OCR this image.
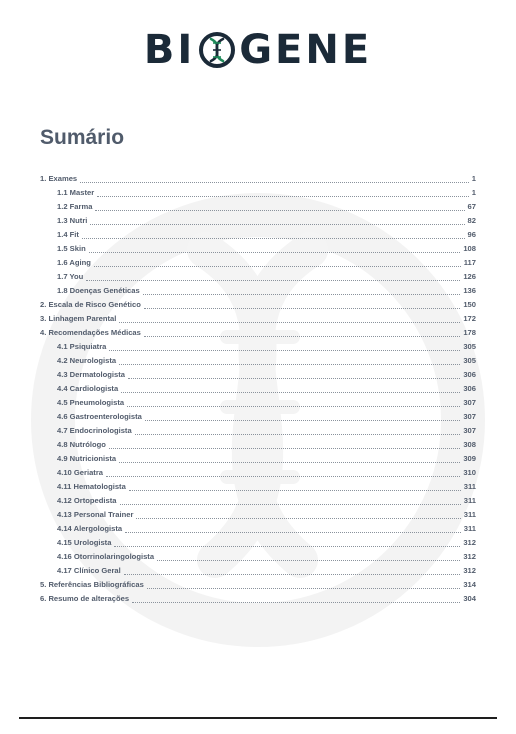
BI GENE
Sumário
1. Exames	1
1.1 Master	1
1.2 Farma	67
1.3 Nutri	82
1.4 Fit	96
1.5 Skin	108
1.6 Aging	117
1.7 You	126
1.8 Doenças Genéticas	136
2. Escala de Risco Genético	150
3. Linhagem Parental	172
4. Recomendações Médicas	178
4.1 Psiquiatra	305
4.2 Neurologista	305
4.3 Dermatologista	306
4.4 Cardiologista	306
4.5 Pneumologista	307
4.6 Gastroenterologista	307
4.7 Endocrinologista	307
4.8 Nutrólogo	308
4.9 Nutricionista	309
4.10 Geriatra	310
4.11 Hematologista	311
4.12 Ortopedista	311
4.13 Personal Trainer	311
4.14 Alergologista	311
4.15 Urologista	312
4.16 Otorrinolaringologista	312
4.17 Clínico Geral	312
5. Referências Bibliográficas	314
6. Resumo de alterações	304
